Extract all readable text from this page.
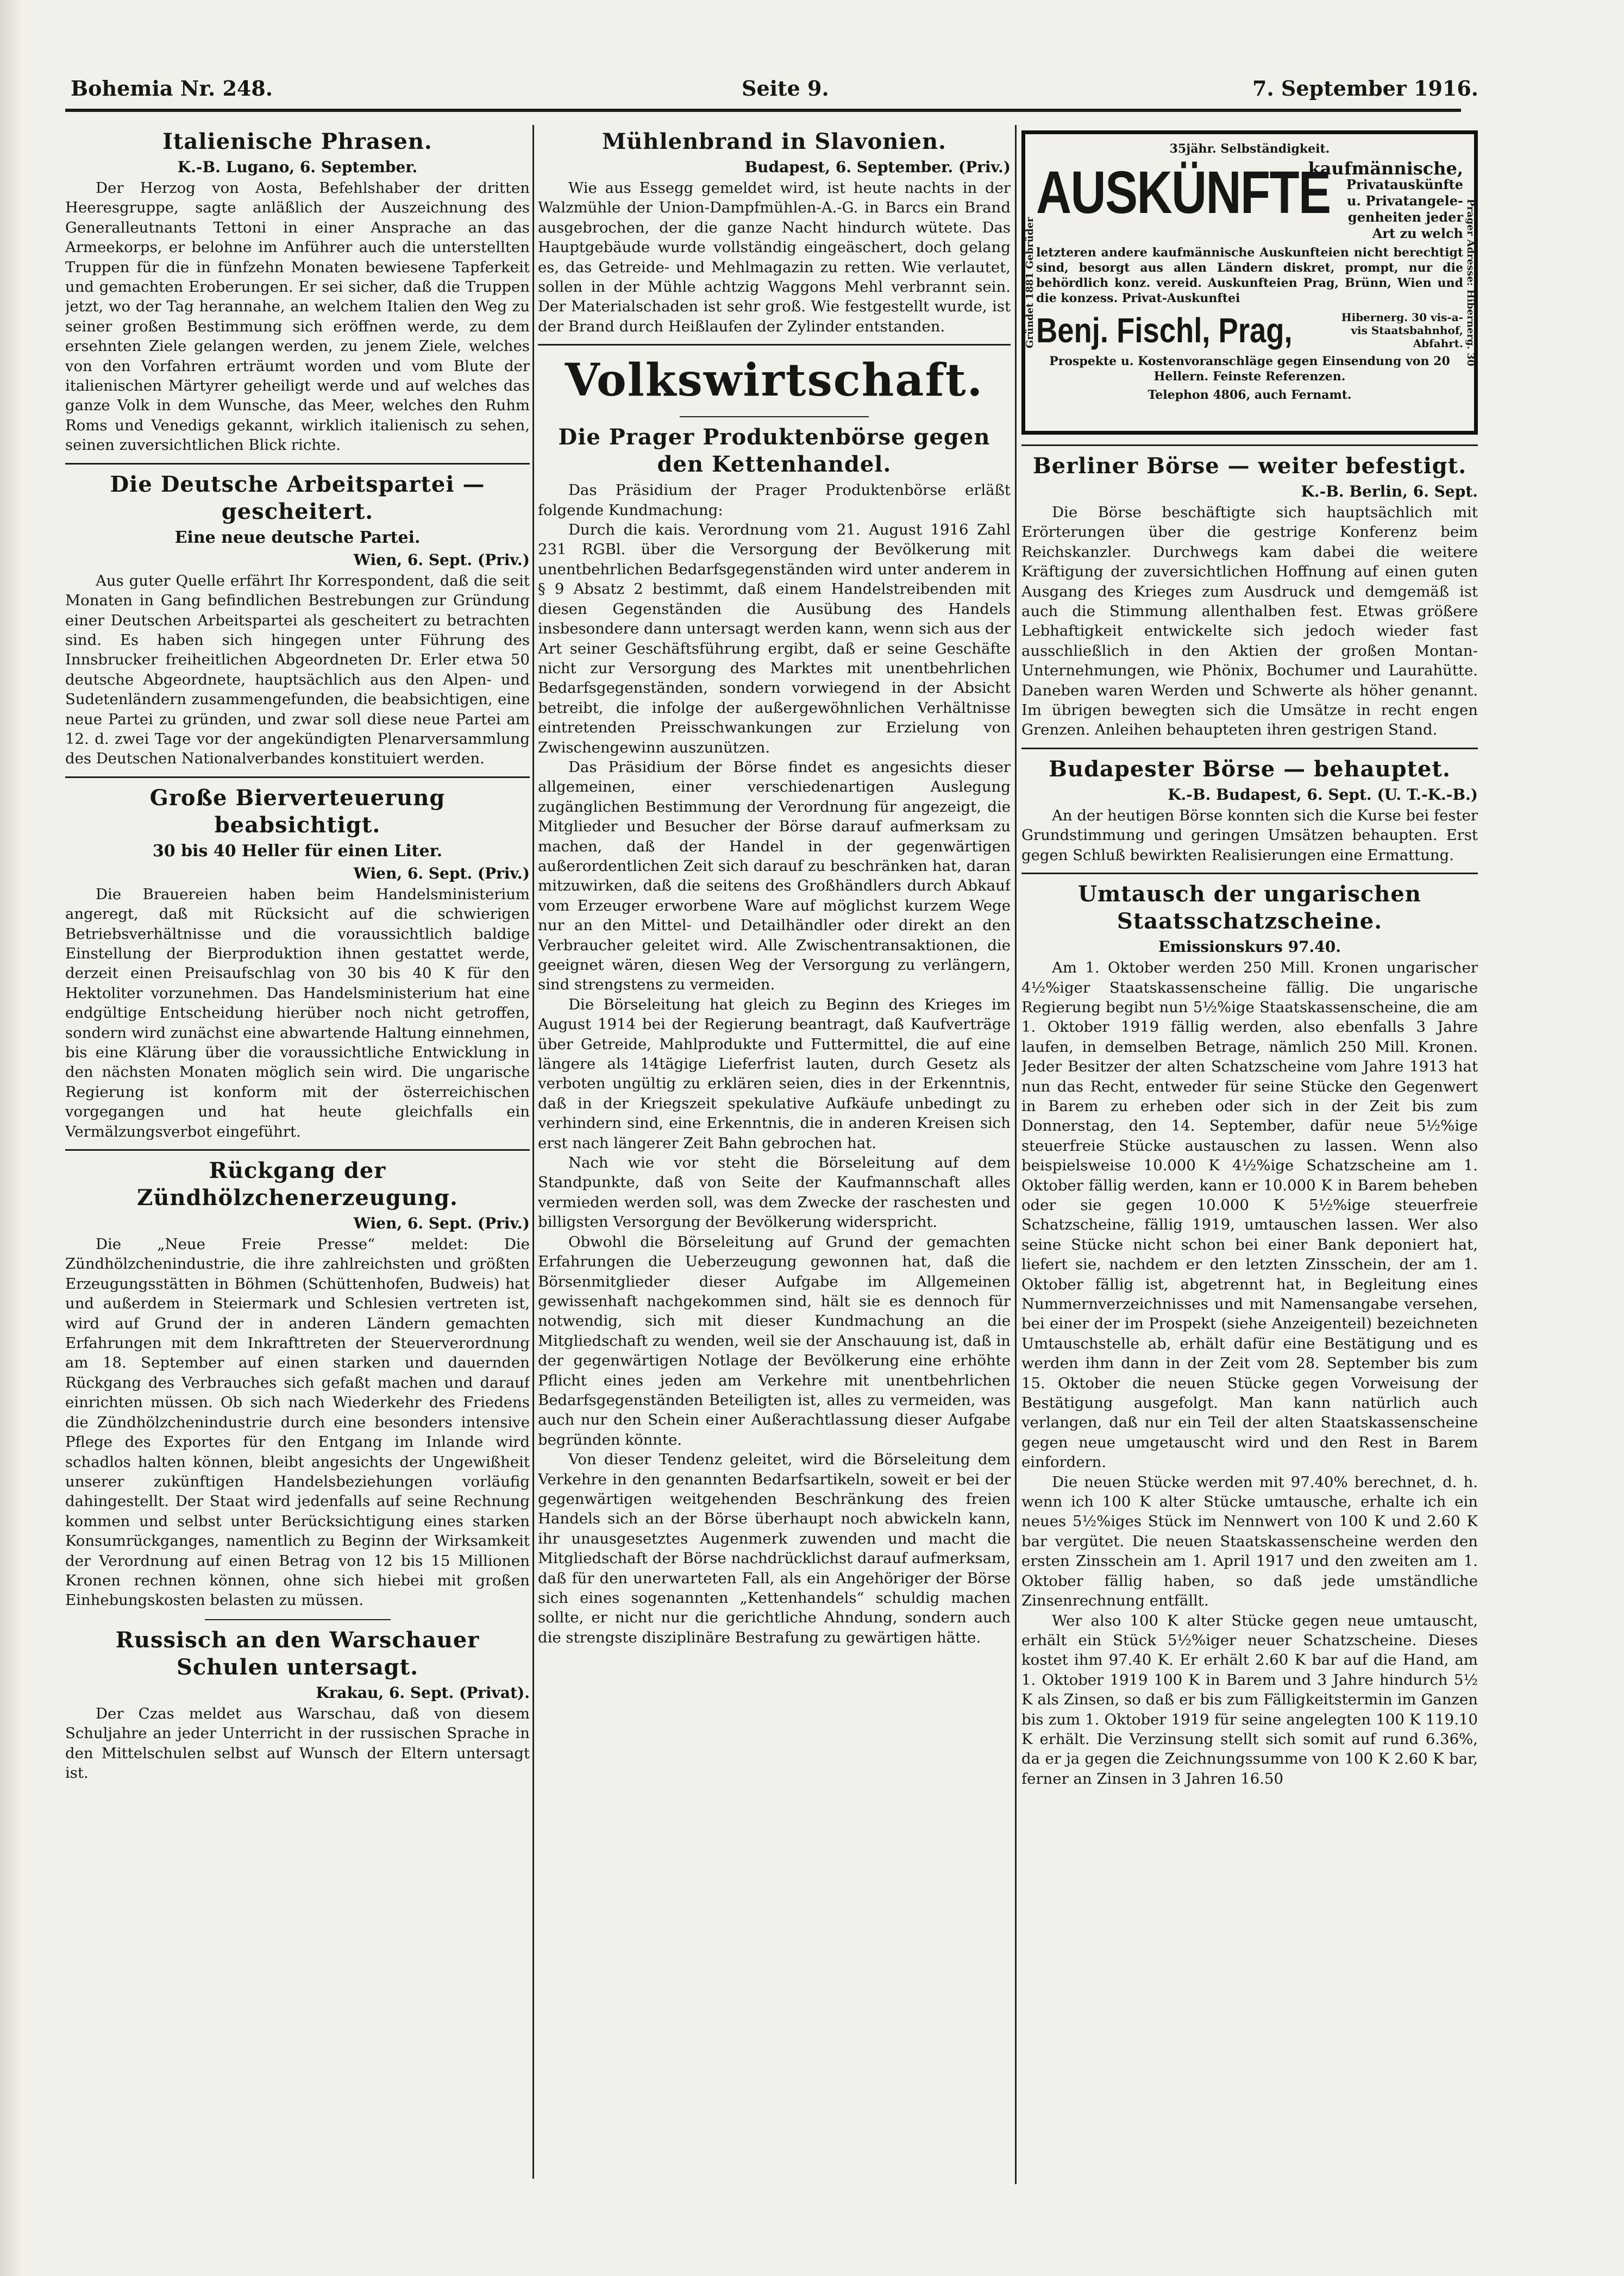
Bohemia Nr. 248.	Seite 9.	7. September 1916.
Italienische Phrasen.
K.-B. Lugano, 6. September.

Der Herzog von Aosta, Befehlshaber der dritten Heeresgruppe, sagte anläßlich der Auszeichnung des Generalleutnants Tettoni in einer Ansprache an das Armeekorps, er belohne im Anführer auch die unterstellten Truppen für die in fünfzehn Monaten bewiesene Tapferkeit und gemachten Eroberungen. Er sei sicher, daß die Truppen jetzt, wo der Tag herannahe, an welchem Italien den Weg zu seiner großen Bestimmung sich eröffnen werde, zu dem ersehnten Ziele gelangen werden, zu jenem Ziele, welches von den Vorfahren erträumt worden und vom Blute der italienischen Märtyrer geheiligt werde und auf welches das ganze Volk in dem Wunsche, das Meer, welches den Ruhm Roms und Venedigs gekannt, wirklich italienisch zu sehen, seinen zuversichtlichen Blick richte.

Die Deutsche Arbeitspartei — gescheitert.
Eine neue deutsche Partei.
Wien, 6. Sept. (Priv.)

Aus guter Quelle erfährt Ihr Korrespondent, daß die seit Monaten in Gang befindlichen Bestrebungen zur Gründung einer Deutschen Arbeitspartei als gescheitert zu betrachten sind. Es haben sich hingegen unter Führung des Innsbrucker freiheitlichen Abgeordneten Dr. Erler etwa 50 deutsche Abgeordnete, hauptsächlich aus den Alpen- und Sudetenländern zusammengefunden, die beabsichtigen, eine neue Partei zu gründen, und zwar soll diese neue Partei am 12. d. zwei Tage vor der angekündigten Plenarversammlung des Deutschen Nationalverbandes konstituiert werden.

Große Bierverteuerung beabsichtigt.
30 bis 40 Heller für einen Liter.
Wien, 6. Sept. (Priv.)

Die Brauereien haben beim Handelsministerium angeregt, daß mit Rücksicht auf die schwierigen Betriebsverhältnisse und die voraussichtlich baldige Einstellung der Bierproduktion ihnen gestattet werde, derzeit einen Preisaufschlag von 30 bis 40 K für den Hektoliter vorzunehmen. Das Handelsministerium hat eine endgültige Entscheidung hierüber noch nicht getroffen, sondern wird zunächst eine abwartende Haltung einnehmen, bis eine Klärung über die voraussichtliche Entwicklung in den nächsten Monaten möglich sein wird. Die ungarische Regierung ist konform mit der österreichischen vorgegangen und hat heute gleichfalls ein Vermälzungsverbot eingeführt.

Rückgang der Zündhölzchenerzeugung.
Wien, 6. Sept. (Priv.)

Die „Neue Freie Presse“ meldet: Die Zündhölzchenindustrie, die ihre zahlreichsten und größten Erzeugungsstätten in Böhmen (Schüttenhofen, Budweis) hat und außerdem in Steiermark und Schlesien vertreten ist, wird auf Grund der in anderen Ländern gemachten Erfahrungen mit dem Inkrafttreten der Steuerverordnung am 18. September auf einen starken und dauernden Rückgang des Verbrauches sich gefaßt machen und darauf einrichten müssen. Ob sich nach Wiederkehr des Friedens die Zündhölzchenindustrie durch eine besonders intensive Pflege des Exportes für den Entgang im Inlande wird schadlos halten können, bleibt angesichts der Ungewißheit unserer zukünftigen Handelsbeziehungen vorläufig dahingestellt. Der Staat wird jedenfalls auf seine Rechnung kommen und selbst unter Berücksichtigung eines starken Konsumrückganges, namentlich zu Beginn der Wirksamkeit der Verordnung auf einen Betrag von 12 bis 15 Millionen Kronen rechnen können, ohne sich hiebei mit großen Einhebungskosten belasten zu müssen.

Russisch an den Warschauer Schulen untersagt.
Krakau, 6. Sept. (Privat).

Der Czas meldet aus Warschau, daß von diesem Schuljahre an jeder Unterricht in der russischen Sprache in den Mittelschulen selbst auf Wunsch der Eltern untersagt ist.

Mühlenbrand in Slavonien.
Budapest, 6. September. (Priv.)

Wie aus Essegg gemeldet wird, ist heute nachts in der Walzmühle der Union-Dampfmühlen-A.-G. in Barcs ein Brand ausgebrochen, der die ganze Nacht hindurch wütete. Das Hauptgebäude wurde vollständig eingeäschert, doch gelang es, das Getreide- und Mehlmagazin zu retten. Wie verlautet, sollen in der Mühle achtzig Waggons Mehl verbrannt sein. Der Materialschaden ist sehr groß. Wie festgestellt wurde, ist der Brand durch Heißlaufen der Zylinder entstanden.

Volkswirtschaft.
Die Prager Produktenbörse gegen den Kettenhandel.

Das Präsidium der Prager Produktenbörse erläßt folgende Kundmachung:

Durch die kais. Verordnung vom 21. August 1916 Zahl 231 RGBl. über die Versorgung der Bevölkerung mit unentbehrlichen Bedarfsgegenständen wird unter anderem in § 9 Absatz 2 bestimmt, daß einem Handelstreibenden mit diesen Gegenständen die Ausübung des Handels insbesondere dann untersagt werden kann, wenn sich aus der Art seiner Geschäftsführung ergibt, daß er seine Geschäfte nicht zur Versorgung des Marktes mit unentbehrlichen Bedarfsgegenständen, sondern vorwiegend in der Absicht betreibt, die infolge der außergewöhnlichen Verhältnisse eintretenden Preisschwankungen zur Erzielung von Zwischengewinn auszunützen.

Das Präsidium der Börse findet es angesichts dieser allgemeinen, einer verschiedenartigen Auslegung zugänglichen Bestimmung der Verordnung für angezeigt, die Mitglieder und Besucher der Börse darauf aufmerksam zu machen, daß der Handel in der gegenwärtigen außerordentlichen Zeit sich darauf zu beschränken hat, daran mitzuwirken, daß die seitens des Großhändlers durch Abkauf vom Erzeuger erworbene Ware auf möglichst kurzem Wege nur an den Mittel- und Detailhändler oder direkt an den Verbraucher geleitet wird. Alle Zwischentransaktionen, die geeignet wären, diesen Weg der Versorgung zu verlängern, sind strengstens zu vermeiden.

Die Börseleitung hat gleich zu Beginn des Krieges im August 1914 bei der Regierung beantragt, daß Kaufverträge über Getreide, Mahlprodukte und Futtermittel, die auf eine längere als 14tägige Lieferfrist lauten, durch Gesetz als verboten ungültig zu erklären seien, dies in der Erkenntnis, daß in der Kriegszeit spekulative Aufkäufe unbedingt zu verhindern sind, eine Erkenntnis, die in anderen Kreisen sich erst nach längerer Zeit Bahn gebrochen hat.

Nach wie vor steht die Börseleitung auf dem Standpunkte, daß von Seite der Kaufmannschaft alles vermieden werden soll, was dem Zwecke der raschesten und billigsten Versorgung der Bevölkerung widerspricht.

Obwohl die Börseleitung auf Grund der gemachten Erfahrungen die Ueberzeugung gewonnen hat, daß die Börsenmitglieder dieser Aufgabe im Allgemeinen gewissenhaft nachgekommen sind, hält sie es dennoch für notwendig, sich mit dieser Kundmachung an die Mitgliedschaft zu wenden, weil sie der Anschauung ist, daß in der gegenwärtigen Notlage der Bevölkerung eine erhöhte Pflicht eines jeden am Verkehre mit unentbehrlichen Bedarfsgegenständen Beteiligten ist, alles zu vermeiden, was auch nur den Schein einer Außerachtlassung dieser Aufgabe begründen könnte.

Von dieser Tendenz geleitet, wird die Börseleitung dem Verkehre in den genannten Bedarfsartikeln, soweit er bei der gegenwärtigen weitgehenden Beschränkung des freien Handels sich an der Börse überhaupt noch abwickeln kann, ihr unausgesetztes Augenmerk zuwenden und macht die Mitgliedschaft der Börse nachdrücklichst darauf aufmerksam, daß für den unerwarteten Fall, als ein Angehöriger der Börse sich eines sogenannten „Kettenhandels“ schuldig machen sollte, er nicht nur die gerichtliche Ahndung, sondern auch die strengste disziplinäre Bestrafung zu gewärtigen hätte.

Gründet 1881 Gebrüder	Prager Adresse: Hibernerg. 30
35jähr. Selbständigkeit.
AUSKÜNFTE
kaufmännische,
Privatauskünfte
u. Privatangele-
genheiten jeder
Art zu welch
letzteren andere kaufmännische Auskunfteien nicht berechtigt sind, besorgt aus allen Ländern diskret, prompt, nur die behördlich konz. vereid. Auskunfteien Prag, Brünn, Wien und die konzess. Privat-Auskunftei
Benj. Fischl, Prag,	Hibernerg. 30 vis-a-vis Staatsbahnhof, Abfahrt.
Prospekte u. Kostenvoranschläge gegen Einsendung von 20 Hellern. Feinste Referenzen.
Telephon 4806, auch Fernamt.
Berliner Börse — weiter befestigt.
K.-B. Berlin, 6. Sept.

Die Börse beschäftigte sich hauptsächlich mit Erörterungen über die gestrige Konferenz beim Reichskanzler. Durchwegs kam dabei die weitere Kräftigung der zuversichtlichen Hoffnung auf einen guten Ausgang des Krieges zum Ausdruck und demgemäß ist auch die Stimmung allenthalben fest. Etwas größere Lebhaftigkeit entwickelte sich jedoch wieder fast ausschließlich in den Aktien der großen Montan-Unternehmungen, wie Phönix, Bochumer und Laurahütte. Daneben waren Werden und Schwerte als höher genannt. Im übrigen bewegten sich die Umsätze in recht engen Grenzen. Anleihen behaupteten ihren gestrigen Stand.

Budapester Börse — behauptet.
K.-B. Budapest, 6. Sept. (U. T.-K.-B.)

An der heutigen Börse konnten sich die Kurse bei fester Grundstimmung und geringen Umsätzen behaupten. Erst gegen Schluß bewirkten Realisierungen eine Ermattung.

Umtausch der ungarischen Staatsschatzscheine.
Emissionskurs 97.40.

Am 1. Oktober werden 250 Mill. Kronen ungarischer 4½%iger Staatskassenscheine fällig. Die ungarische Regierung begibt nun 5½%ige Staatskassenscheine, die am 1. Oktober 1919 fällig werden, also ebenfalls 3 Jahre laufen, in demselben Betrage, nämlich 250 Mill. Kronen. Jeder Besitzer der alten Schatzscheine vom Jahre 1913 hat nun das Recht, entweder für seine Stücke den Gegenwert in Barem zu erheben oder sich in der Zeit bis zum Donnerstag, den 14. September, dafür neue 5½%ige steuerfreie Stücke austauschen zu lassen. Wenn also beispielsweise 10.000 K 4½%ige Schatzscheine am 1. Oktober fällig werden, kann er 10.000 K in Barem beheben oder sie gegen 10.000 K 5½%ige steuerfreie Schatzscheine, fällig 1919, umtauschen lassen. Wer also seine Stücke nicht schon bei einer Bank deponiert hat, liefert sie, nachdem er den letzten Zinsschein, der am 1. Oktober fällig ist, abgetrennt hat, in Begleitung eines Nummernverzeichnisses und mit Namensangabe versehen, bei einer der im Prospekt (siehe Anzeigenteil) bezeichneten Umtauschstelle ab, erhält dafür eine Bestätigung und es werden ihm dann in der Zeit vom 28. September bis zum 15. Oktober die neuen Stücke gegen Vorweisung der Bestätigung ausgefolgt. Man kann natürlich auch verlangen, daß nur ein Teil der alten Staatskassenscheine gegen neue umgetauscht wird und den Rest in Barem einfordern.

Die neuen Stücke werden mit 97.40% berechnet, d. h. wenn ich 100 K alter Stücke umtausche, erhalte ich ein neues 5½%iges Stück im Nennwert von 100 K und 2.60 K bar vergütet. Die neuen Staatskassenscheine werden den ersten Zinsschein am 1. April 1917 und den zweiten am 1. Oktober fällig haben, so daß jede umständliche Zinsenrechnung entfällt.

Wer also 100 K alter Stücke gegen neue umtauscht, erhält ein Stück 5½%iger neuer Schatzscheine. Dieses kostet ihm 97.40 K. Er erhält 2.60 K bar auf die Hand, am 1. Oktober 1919 100 K in Barem und 3 Jahre hindurch 5½ K als Zinsen, so daß er bis zum Fälligkeitstermin im Ganzen bis zum 1. Oktober 1919 für seine angelegten 100 K 119.10 K erhält. Die Verzinsung stellt sich somit auf rund 6.36%, da er ja gegen die Zeichnungssumme von 100 K 2.60 K bar, ferner an Zinsen in 3 Jahren 16.50
